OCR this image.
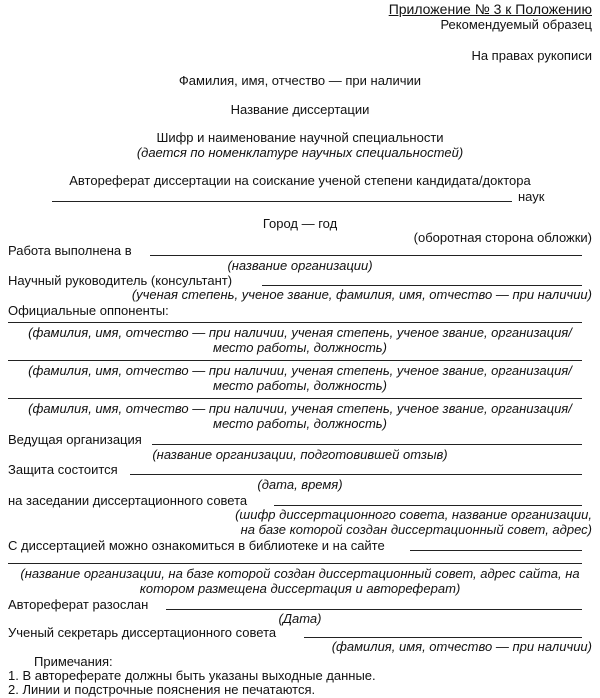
Приложение № 3 к Положению
Рекомендуемый образец
На правах рукописи
Фамилия, имя, отчество — при наличии
Название диссертации
Шифр и наименование научной специальности
(дается по номенклатуре научных специальностей)
Автореферат диссертации на соискание ученой степени кандидата/доктора
наук
Город — год
(оборотная сторона обложки)
Работа выполнена в
(название организации)
Научный руководитель (консультант)
(ученая степень, ученое звание, фамилия, имя, отчество — при наличии)
Официальные оппоненты:
(фамилия, имя, отчество — при наличии, ученая степень, ученое звание, организация/
место работы, должность)
(фамилия, имя, отчество — при наличии, ученая степень, ученое звание, организация/
место работы, должность)
(фамилия, имя, отчество — при наличии, ученая степень, ученое звание, организация/
место работы, должность)
Ведущая организация
(название организации, подготовившей отзыв)
Защита состоится
(дата, время)
на заседании диссертационного совета
(шифр диссертационного совета, название организации,
на базе которой создан диссертационный совет, адрес)
С диссертацией можно ознакомиться в библиотеке и на сайте
(название организации, на базе которой создан диссертационный совет, адрес сайта, на
котором размещена диссертация и автореферат)
Автореферат разослан
(Дата)
Ученый секретарь диссертационного совета
(фамилия, имя, отчество — при наличии)
Примечания:
1. В автореферате должны быть указаны выходные данные.
2. Линии и подстрочные пояснения не печатаются.
